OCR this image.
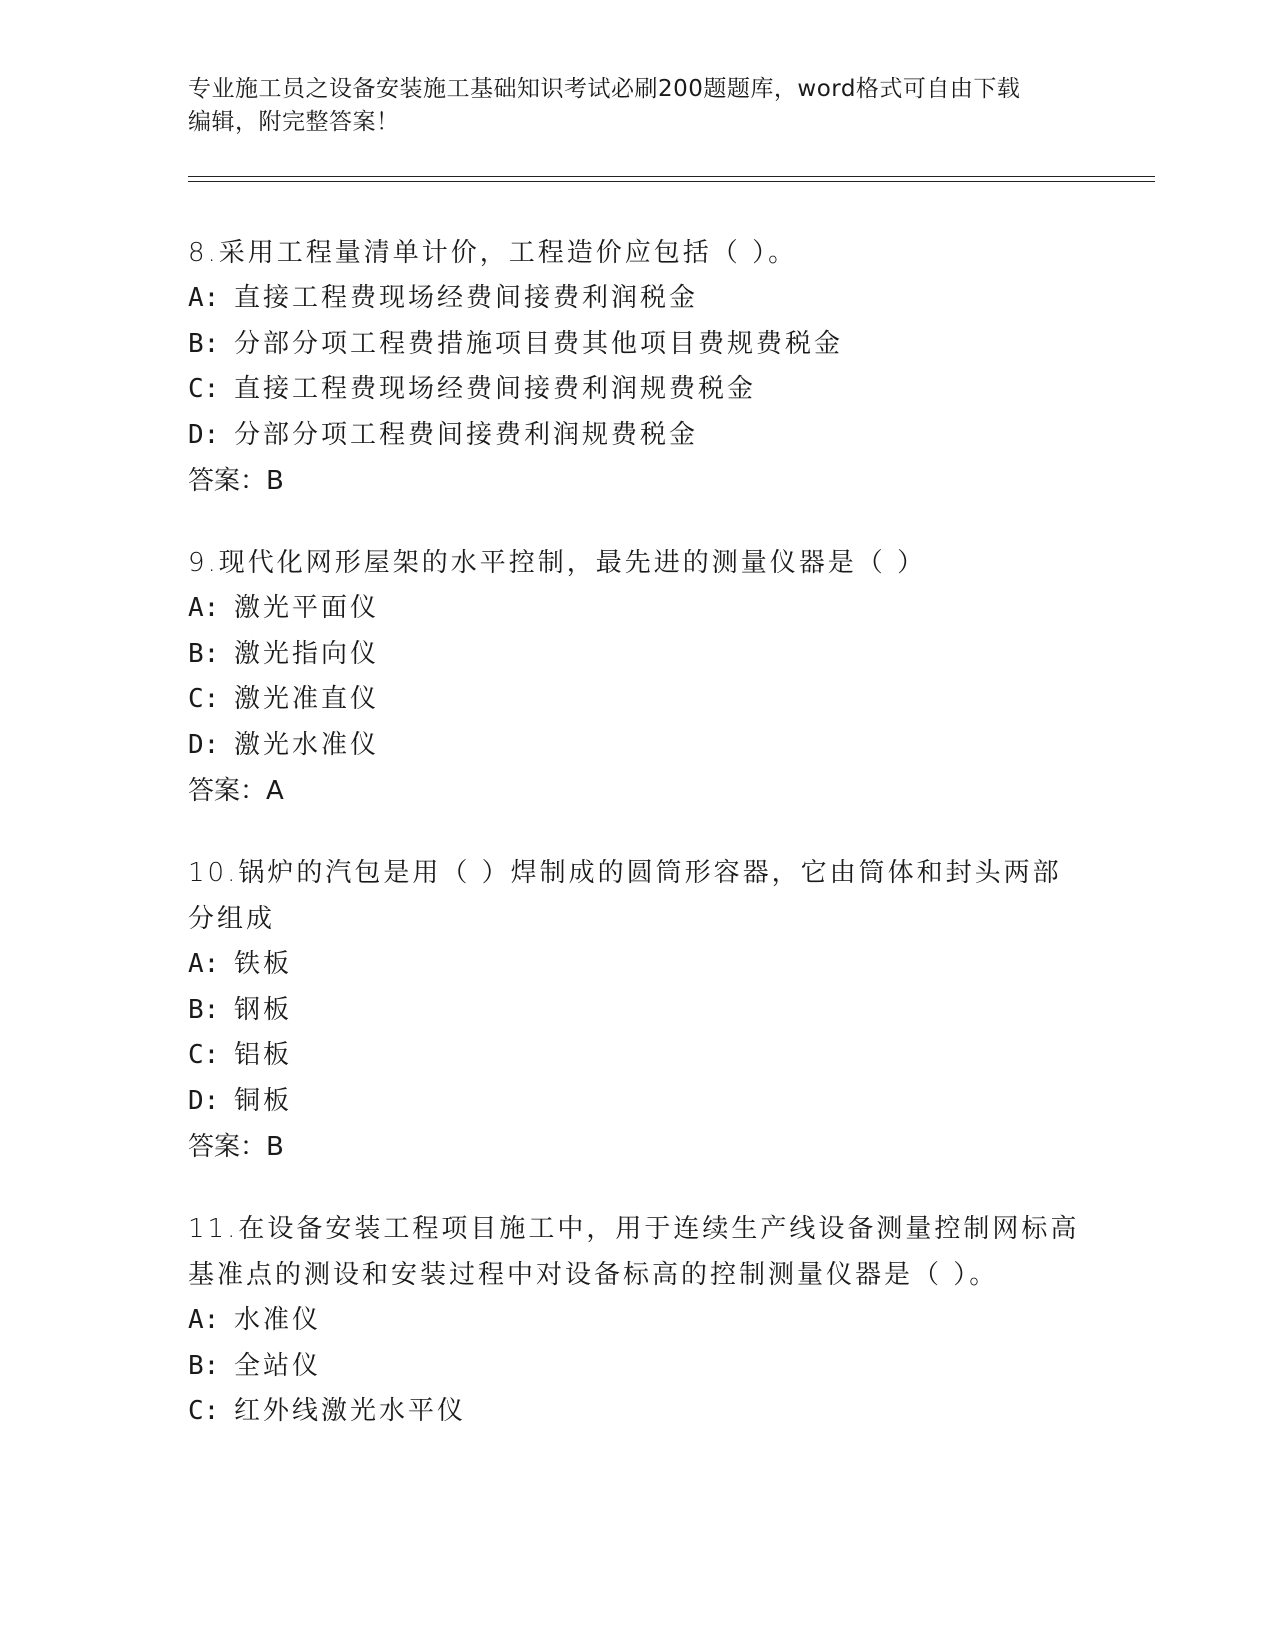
专业施工员之设备安装施工基础知识考试必刷200题题库，word格式可自由下载
编辑，附完整答案！
8.采用工程量清单计价，工程造价应包括（ ）。
A: 直接工程费现场经费间接费利润税金
B: 分部分项工程费措施项目费其他项目费规费税金
C: 直接工程费现场经费间接费利润规费税金
D: 分部分项工程费间接费利润规费税金
答案：B
9.现代化网形屋架的水平控制，最先进的测量仪器是（ ）
A: 激光平面仪
B: 激光指向仪
C: 激光准直仪
D: 激光水准仪
答案：A
10.锅炉的汽包是用（ ）焊制成的圆筒形容器，它由筒体和封头两部
分组成
A: 铁板
B: 钢板
C: 铝板
D: 铜板
答案：B
11.在设备安装工程项目施工中，用于连续生产线设备测量控制网标高
基准点的测设和安装过程中对设备标高的控制测量仪器是（ ）。
A: 水准仪
B: 全站仪
C: 红外线激光水平仪
